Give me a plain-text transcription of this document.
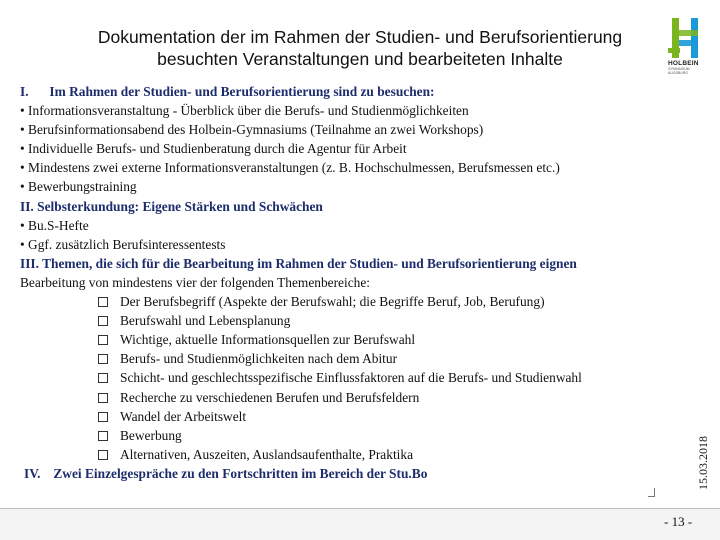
Dokumentation der im Rahmen der Studien- und Berufsorientierung
besuchten Veranstaltungen und bearbeiteten Inhalte	HOLBEIN
GYMNASIUM
AUGSBURG
I. Im Rahmen der Studien- und Berufsorientierung sind zu besuchen:
• Informationsveranstaltung - Überblick über die Berufs- und Studienmöglichkeiten
• Berufsinformationsabend des Holbein-Gymnasiums (Teilnahme an zwei Workshops)
• Individuelle Berufs- und Studienberatung durch die Agentur für Arbeit
• Mindestens zwei externe Informationsveranstaltungen (z. B. Hochschulmessen, Berufsmessen etc.)
• Bewerbungstraining
II. Selbsterkundung: Eigene Stärken und Schwächen
• Bu.S-Hefte
• Ggf. zusätzlich Berufsinteressentests
III. Themen, die sich für die Bearbeitung im Rahmen der Studien- und Berufsorientierung eignen
Bearbeitung von mindestens vier der folgenden Themenbereiche:
Der Berufsbegriff (Aspekte der Berufswahl; die Begriffe Beruf, Job, Berufung)
Berufswahl und Lebensplanung
Wichtige, aktuelle Informationsquellen zur Berufswahl
Berufs- und Studienmöglichkeiten nach dem Abitur
Schicht- und geschlechtsspezifische Einflussfaktoren auf die Berufs- und Studienwahl
Recherche zu verschiedenen Berufen und Berufsfeldern
Wandel der Arbeitswelt
Bewerbung
Alternativen, Auszeiten, Auslandsaufenthalte, Praktika
IV. Zwei Einzelgespräche zu den Fortschritten im Bereich der Stu.Bo	15.03.2018
- 13 -
